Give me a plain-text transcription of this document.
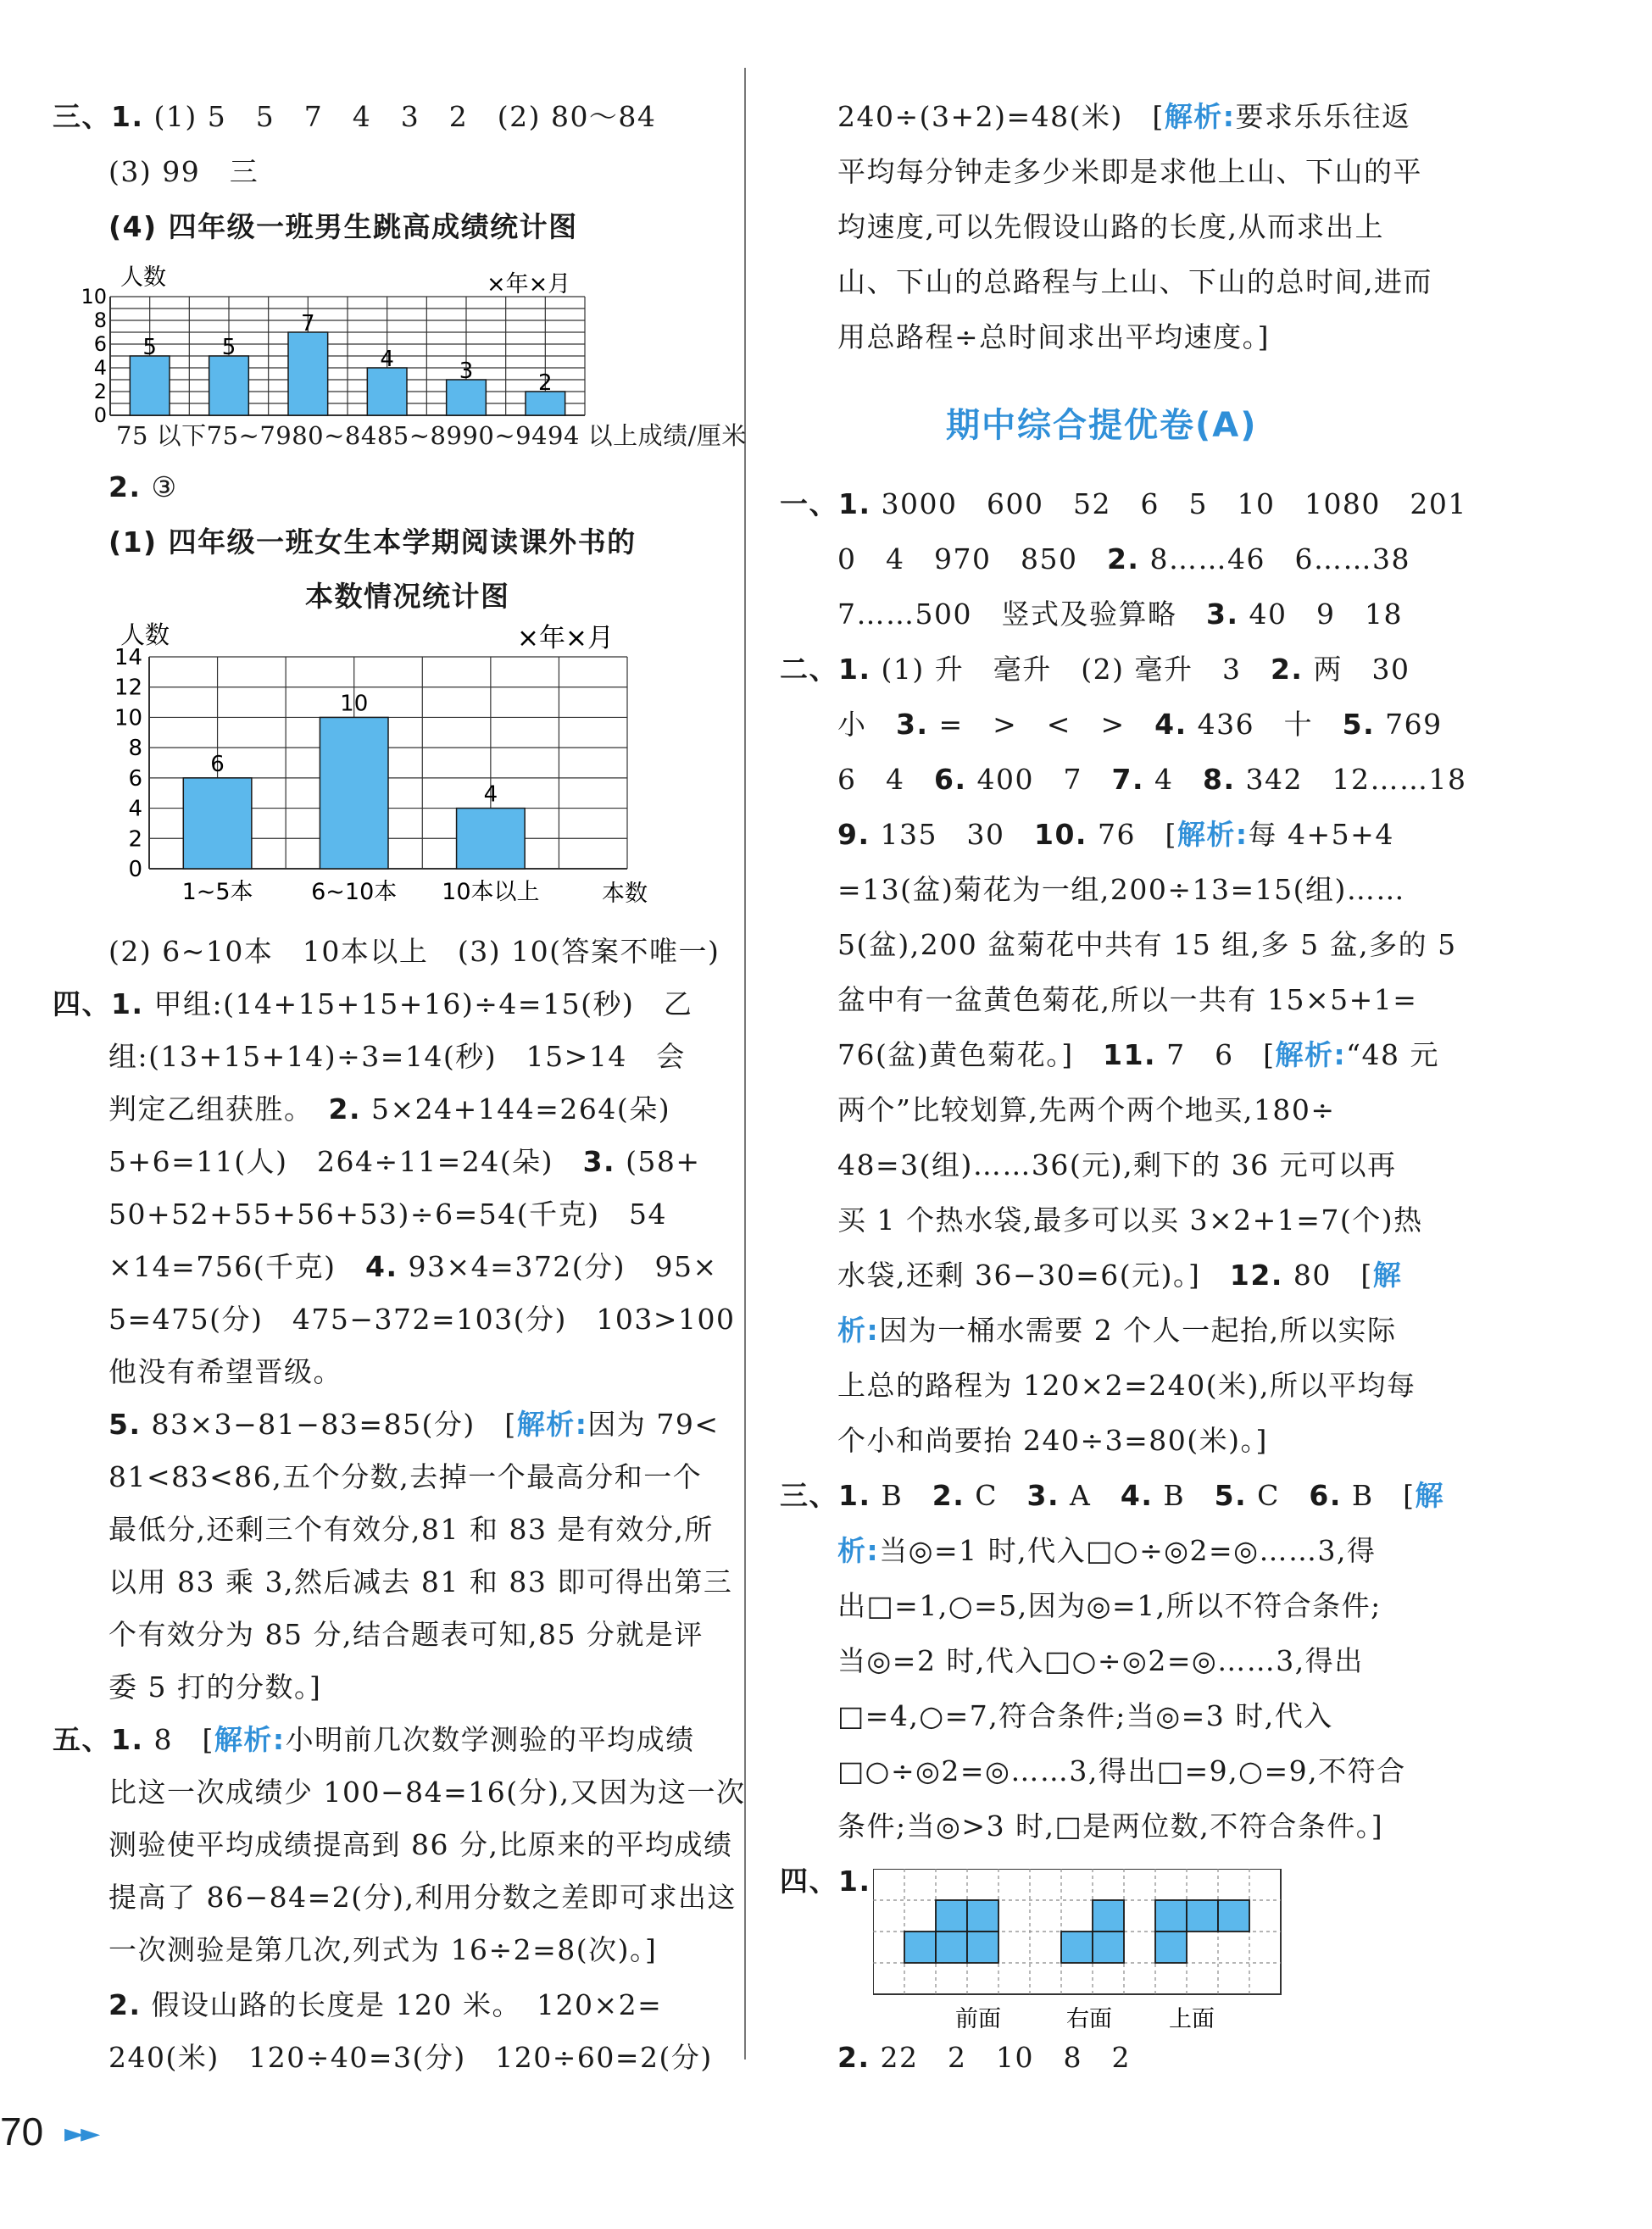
三、1. (1) 5　5　7　4　3　2　(2) 80～84
(3) 99　三
(4) 四年级一班男生跳高成绩统计图
人数	×年×月
10
8
6
4
2
0
5	5
7
4	3	2
75 以下75~7980~8485~8990~9494 以上成绩/厘米
2. ③
(1) 四年级一班女生本学期阅读课外书的
本数情况统计图
人数	×年×月
14
12
10
8
6
4
2
0
6
10
4
1~5本	6~10本 10本以上	本数
(2) 6~10本　10本以上　(3) 10(答案不唯一)
四、1. 甲组:(14+15+15+16)÷4=15(秒)　乙
组:(13+15+14)÷3=14(秒)　15>14　会
判定乙组获胜。　 2. 5×24+144=264(朵)
5+6=11(人)　264÷11=24(朵)　 3. (58+
50+52+55+56+53)÷6=54(千克)　54
×14=756(千克)　 4. 93×4=372(分)　95×
5=475(分)　475−372=103(分)　103>100
他没有希望晋级。
5. 83×3−81−83=85(分)　[解析:因为 79<
81<83<86,五个分数,去掉一个最高分和一个
最低分,还剩三个有效分,81 和 83 是有效分,所
以用 83 乘 3,然后减去 81 和 83 即可得出第三
个有效分为 85 分,结合题表可知,85 分就是评
委 5 打的分数。]
五、1. 8　[解析:小明前几次数学测验的平均成绩
比这一次成绩少 100−84=16(分),又因为这一次
测验使平均成绩提高到 86 分,比原来的平均成绩
提高了 86−84=2(分),利用分数之差即可求出这
一次测验是第几次,列式为 16÷2=8(次)。]
2. 假设山路的长度是 120 米。　120×2=
240(米)　120÷40=3(分)　120÷60=2(分)
240÷(3+2)=48(米)　[解析:要求乐乐往返
平均每分钟走多少米即是求他上山、下山的平
均速度,可以先假设山路的长度,从而求出上
山、下山的总路程与上山、下山的总时间,进而
用总路程÷总时间求出平均速度。]
期中综合提优卷(A)
一、1. 3000　600　52　6　5　10　1080　201
0　4　970　850　 2. 8……46　6……38
7……500　竖式及验算略　 3. 40　9　18
二、1. (1) 升　毫升　(2) 毫升　3　 2. 两　30
小　 3. =　>　<　>　 4. 436　十　 5. 769
6　4　 6. 400　7　 7. 4　 8. 342　12……18
9. 135　30　 10. 76　[解析:每 4+5+4
=13(盆)菊花为一组,200÷13=15(组)……
5(盆),200 盆菊花中共有 15 组,多 5 盆,多的 5
盆中有一盆黄色菊花,所以一共有 15×5+1=
76(盆)黄色菊花。]　 11. 7　6　[解析:“48 元
两个”比较划算,先两个两个地买,180÷
48=3(组)……36(元),剩下的 36 元可以再
买 1 个热水袋,最多可以买 3×2+1=7(个)热
水袋,还剩 36−30=6(元)。]　 12. 80　[解
析:因为一桶水需要 2 个人一起抬,所以实际
上总的路程为 120×2=240(米),所以平均每
个小和尚要抬 240÷3=80(米)。]
三、1. B　 2. C　 3. A　 4. B　 5. C　 6. B　[解
析:当◎=1 时,代入□○÷◎2=◎……3,得
出□=1,○=5,因为◎=1,所以不符合条件;
当◎=2 时,代入□○÷◎2=◎……3,得出
□=4,○=7,符合条件;当◎=3 时,代入
□○÷◎2=◎……3,得出□=9,○=9,不符合
条件;当◎>3 时,□是两位数,不符合条件。]
四、1.
前面	右面 上面
2. 22　2　10　8　2
70 ►►
